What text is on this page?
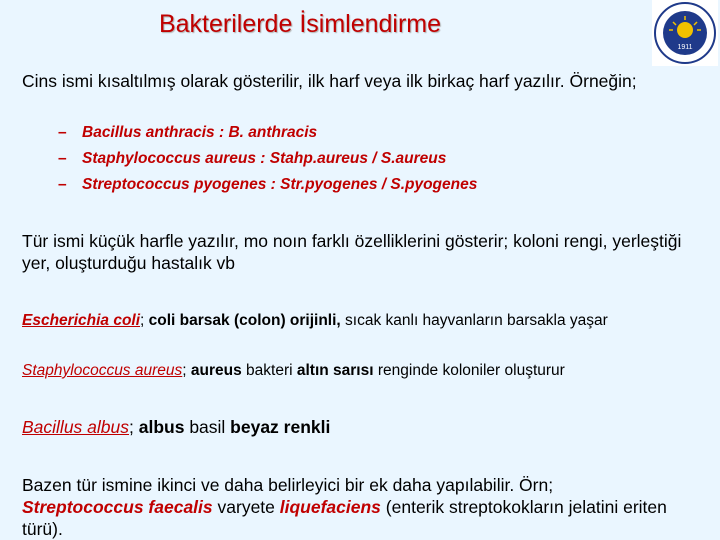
Bakterilerde İsimlendirme
1911
Cins ismi kısaltılmış olarak gösterilir, ilk harf veya ilk birkaç harf yazılır. Örneğin;
– Bacillus anthracis : B. anthracis
– Staphylococcus aureus : Stahp.aureus / S.aureus
– Streptococcus pyogenes : Str.pyogenes / S.pyogenes
Tür ismi küçük harfle yazılır, mo noın farklı özelliklerini gösterir; koloni rengi, yerleştiği yer, oluşturduğu hastalık vb
Escherichia coli; coli barsak (colon) orijinli, sıcak kanlı hayvanların barsakla yaşar
Staphylococcus aureus; aureus bakteri altın sarısı renginde koloniler oluşturur
Bacillus albus; albus basil beyaz renkli
Bazen tür ismine ikinci ve daha belirleyici bir ek daha yapılabilir. Örn;
Streptococcus faecalis varyete liquefaciens (enterik streptokokların jelatini eriten türü).
